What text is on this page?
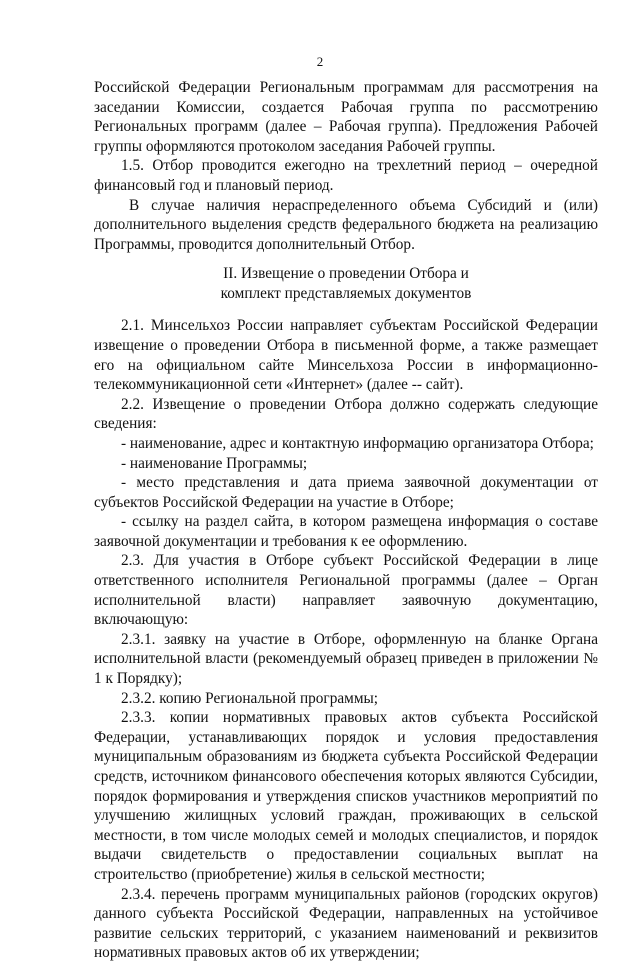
2

Российской Федерации Региональным программам для рассмотрения на заседании Комиссии, создается Рабочая группа по рассмотрению Региональных программ (далее – Рабочая группа). Предложения Рабочей группы оформляются протоколом заседания Рабочей группы.

1.5. Отбор проводится ежегодно на трехлетний период – очередной финансовый год и плановый период.

В случае наличия нераспределенного объема Субсидий и (или) дополнительного выделения средств федерального бюджета на реализацию Программы, проводится дополнительный Отбор.

II. Извещение о проведении Отбора и
комплект представляемых документов

2.1. Минсельхоз России направляет субъектам Российской Федерации извещение о проведении Отбора в письменной форме, а также размещает его на официальном сайте Минсельхоза России в информационно-телекоммуникационной сети «Интернет» (далее -- сайт).

2.2. Извещение о проведении Отбора должно содержать следующие сведения:

- наименование, адрес и контактную информацию организатора Отбора;

- наименование Программы;

- место представления и дата приема заявочной документации от субъектов Российской Федерации на участие в Отборе;

- ссылку на раздел сайта, в котором размещена информация о составе заявочной документации и требования к ее оформлению.

2.3. Для участия в Отборе субъект Российской Федерации в лице ответственного исполнителя Региональной программы (далее – Орган исполнительной власти) направляет заявочную документацию, включающую:

2.3.1. заявку на участие в Отборе, оформленную на бланке Органа исполнительной власти (рекомендуемый образец приведен в приложении № 1 к Порядку);

2.3.2. копию Региональной программы;

2.3.3. копии нормативных правовых актов субъекта Российской Федерации, устанавливающих порядок и условия предоставления муниципальным образованиям из бюджета субъекта Российской Федерации средств, источником финансового обеспечения которых являются Субсидии, порядок формирования и утверждения списков участников мероприятий по улучшению жилищных условий граждан, проживающих в сельской местности, в том числе молодых семей и молодых специалистов, и порядок выдачи свидетельств о предоставлении социальных выплат на строительство (приобретение) жилья в сельской местности;

2.3.4. перечень программ муниципальных районов (городских округов) данного субъекта Российской Федерации, направленных на устойчивое развитие сельских территорий, с указанием наименований и реквизитов нормативных правовых актов об их утверждении;
